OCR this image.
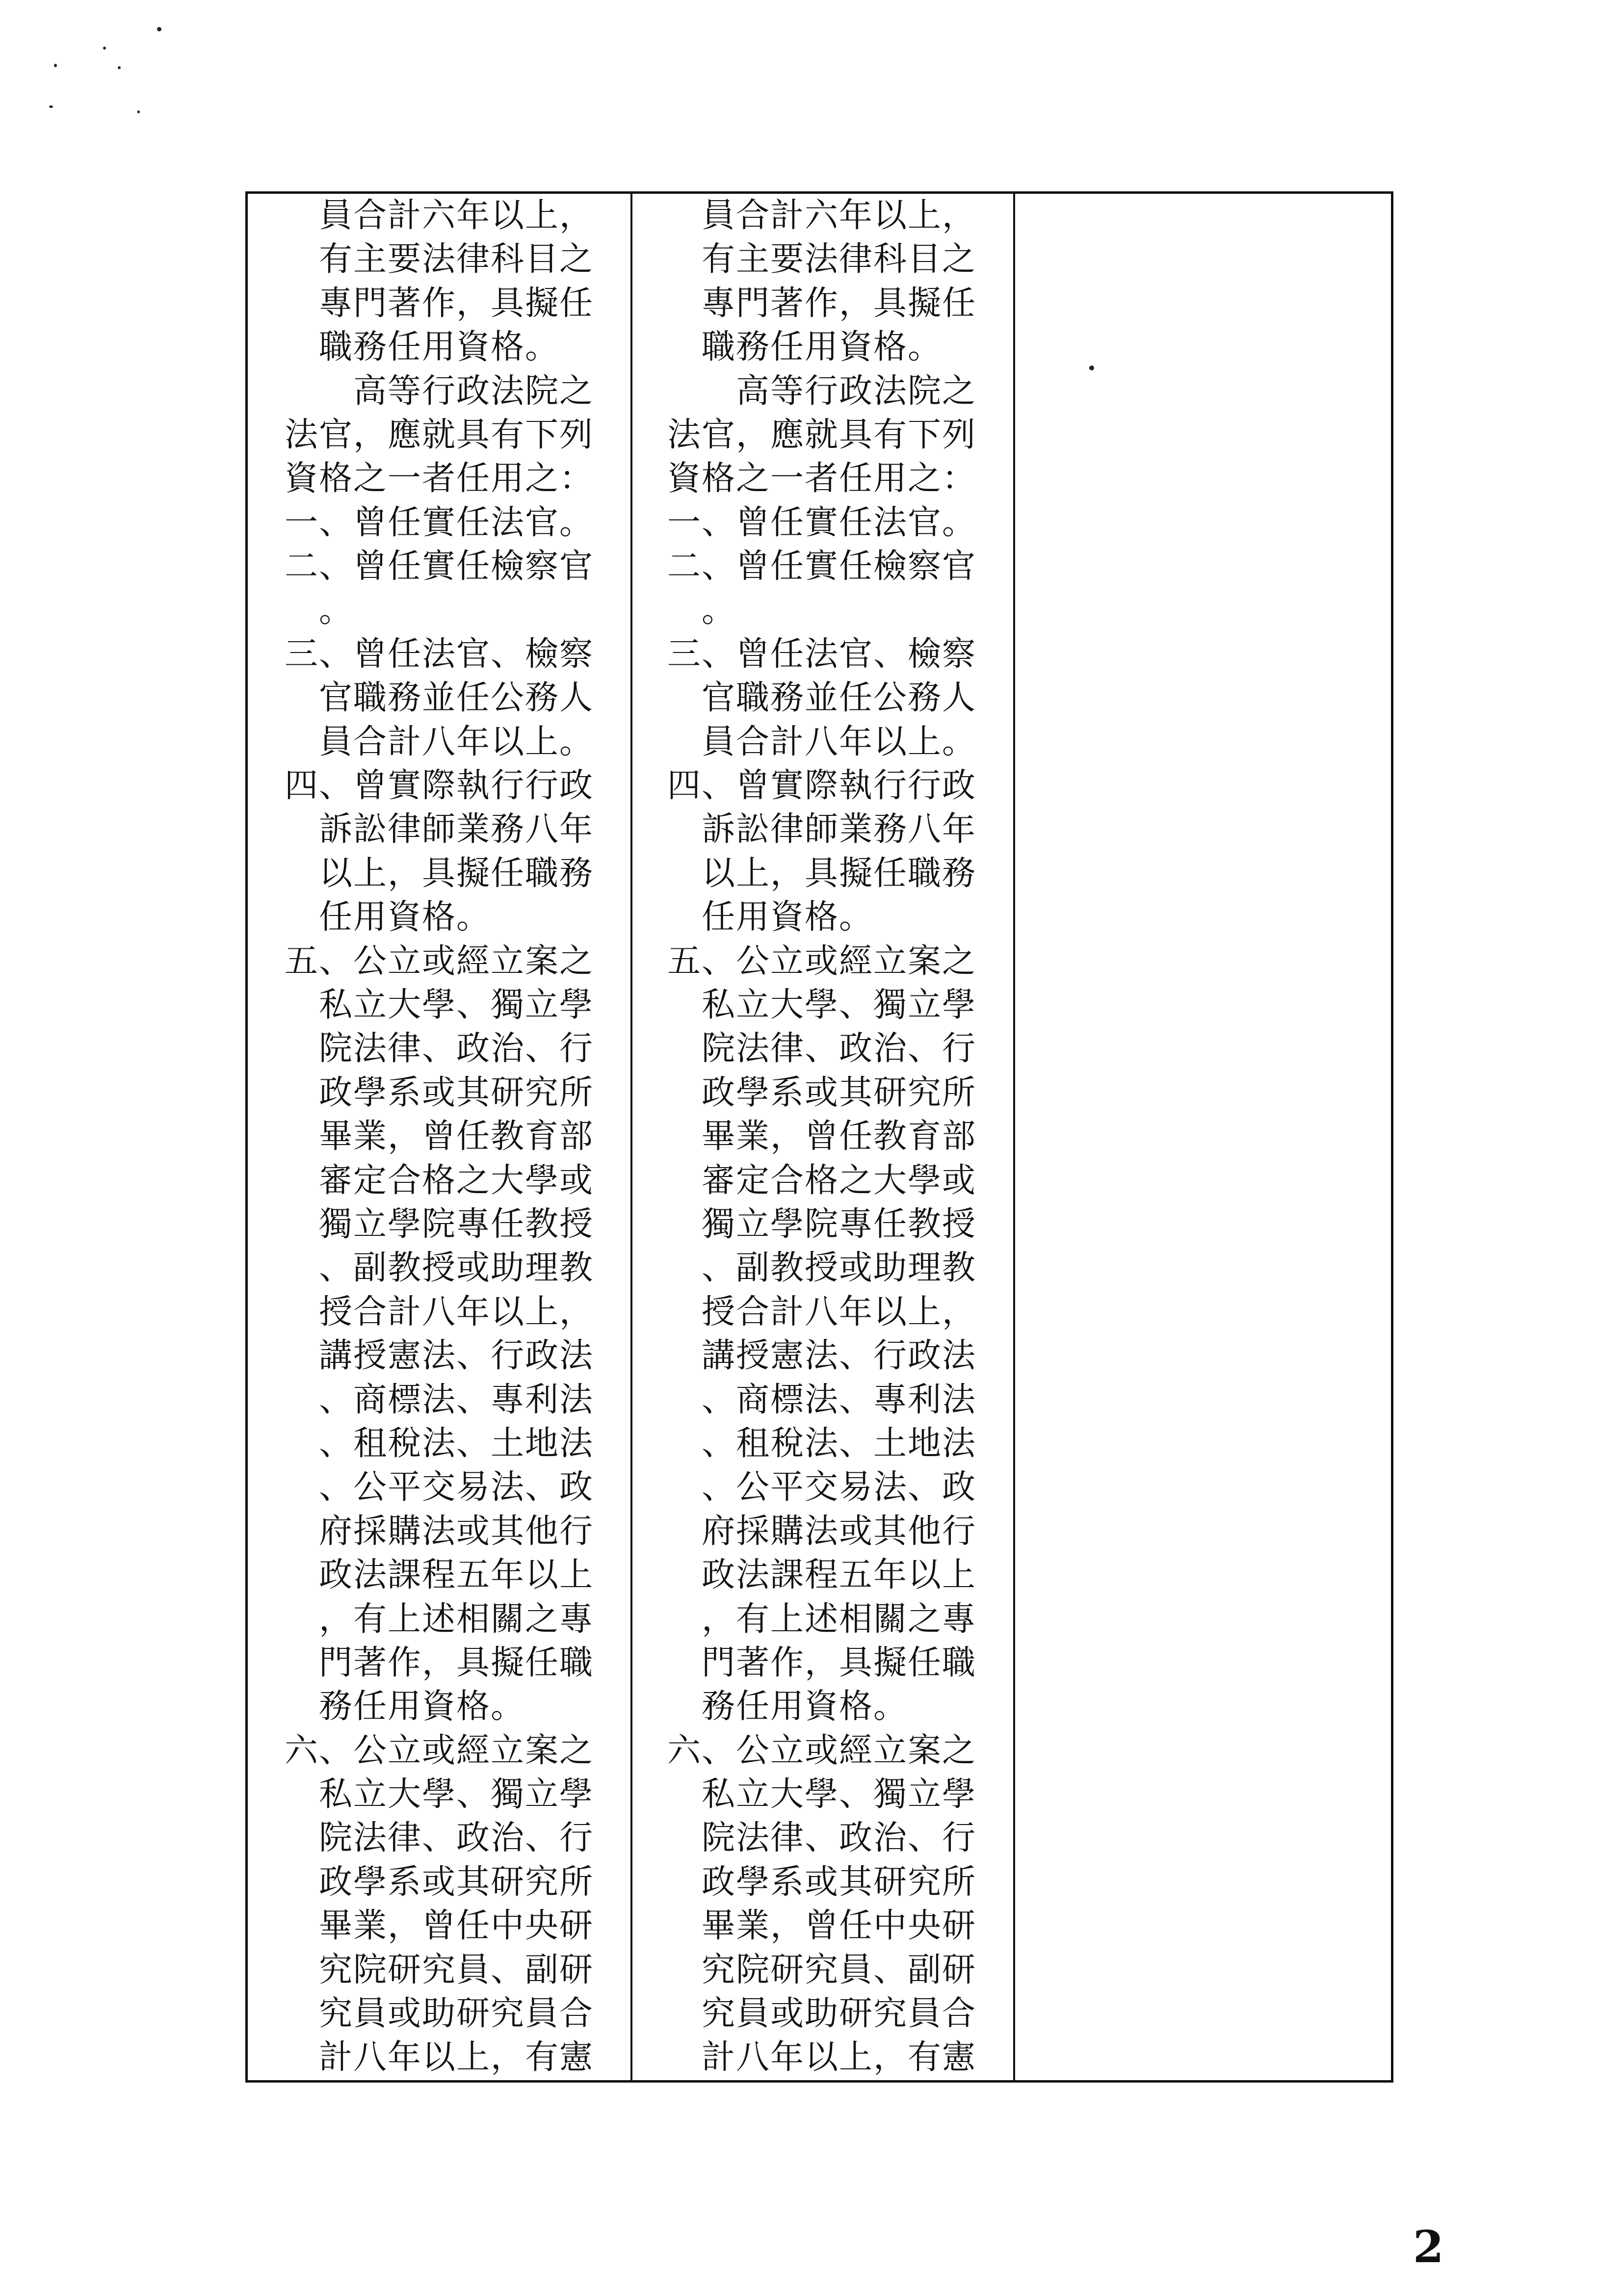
員合計六年以上，
有主要法律科目之
專門著作，具擬任
職務任用資格。
高等行政法院之
法官，應就具有下列
資格之一者任用之：
一、曾任實任法官。
二、曾任實任檢察官
。
三、曾任法官、檢察
官職務並任公務人
員合計八年以上。
四、曾實際執行行政
訴訟律師業務八年
以上，具擬任職務
任用資格。
五、公立或經立案之
私立大學、獨立學
院法律、政治、行
政學系或其研究所
畢業，曾任教育部
審定合格之大學或
獨立學院專任教授
、副教授或助理教
授合計八年以上，
講授憲法、行政法
、商標法、專利法
、租稅法、土地法
、公平交易法、政
府採購法或其他行
政法課程五年以上
，有上述相關之專
門著作，具擬任職
務任用資格。
六、公立或經立案之
私立大學、獨立學
院法律、政治、行
政學系或其研究所
畢業，曾任中央研
究院研究員、副研
究員或助研究員合
計八年以上，有憲
員合計六年以上，
有主要法律科目之
專門著作，具擬任
職務任用資格。
高等行政法院之
法官，應就具有下列
資格之一者任用之：
一、曾任實任法官。
二、曾任實任檢察官
。
三、曾任法官、檢察
官職務並任公務人
員合計八年以上。
四、曾實際執行行政
訴訟律師業務八年
以上，具擬任職務
任用資格。
五、公立或經立案之
私立大學、獨立學
院法律、政治、行
政學系或其研究所
畢業，曾任教育部
審定合格之大學或
獨立學院專任教授
、副教授或助理教
授合計八年以上，
講授憲法、行政法
、商標法、專利法
、租稅法、土地法
、公平交易法、政
府採購法或其他行
政法課程五年以上
，有上述相關之專
門著作，具擬任職
務任用資格。
六、公立或經立案之
私立大學、獨立學
院法律、政治、行
政學系或其研究所
畢業，曾任中央研
究院研究員、副研
究員或助研究員合
計八年以上，有憲
2
